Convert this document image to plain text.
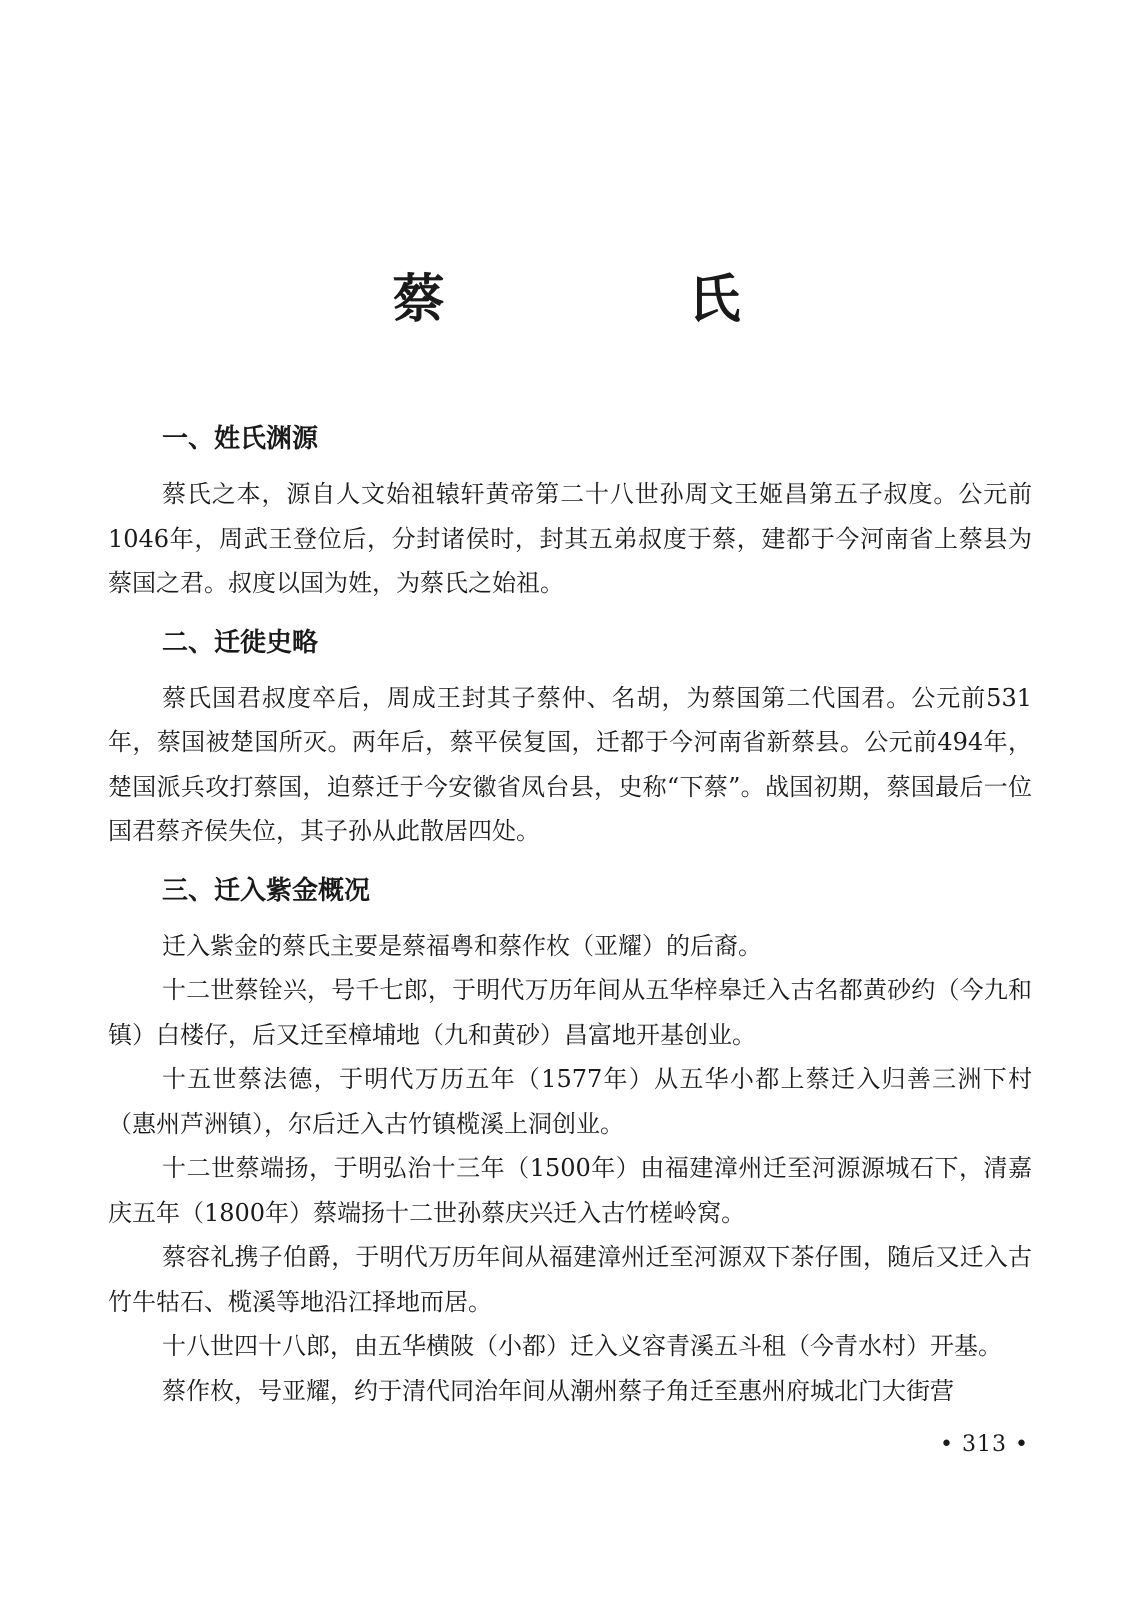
蔡　氏
一、姓氏渊源

蔡氏之本，源自人文始祖辕轩黄帝第二十八世孙周文王姬昌第五子叔度。公元前1046年，周武王登位后，分封诸侯时，封其五弟叔度于蔡，建都于今河南省上蔡县为蔡国之君。叔度以国为姓，为蔡氏之始祖。

二、迁徙史略

蔡氏国君叔度卒后，周成王封其子蔡仲、名胡，为蔡国第二代国君。公元前531年，蔡国被楚国所灭。两年后，蔡平侯复国，迁都于今河南省新蔡县。公元前494年，楚国派兵攻打蔡国，迫蔡迁于今安徽省凤台县，史称“下蔡”。战国初期，蔡国最后一位国君蔡齐侯失位，其子孙从此散居四处。

三、迁入紫金概况

迁入紫金的蔡氏主要是蔡福粤和蔡作枚（亚耀）的后裔。

十二世蔡铨兴，号千七郎，于明代万历年间从五华梓皋迁入古名都黄砂约（今九和镇）白楼仔，后又迁至樟埔地（九和黄砂）昌富地开基创业。

十五世蔡法德，于明代万历五年（1577年）从五华小都上蔡迁入归善三洲下村（惠州芦洲镇），尔后迁入古竹镇榄溪上洞创业。

十二世蔡端扬，于明弘治十三年（1500年）由福建漳州迁至河源源城石下，清嘉庆五年（1800年）蔡端扬十二世孙蔡庆兴迁入古竹槎岭窝。

蔡容礼携子伯爵，于明代万历年间从福建漳州迁至河源双下茶仔围，随后又迁入古竹牛牯石、榄溪等地沿江择地而居。

十八世四十八郎，由五华横陂（小都）迁入义容青溪五斗租（今青水村）开基。

蔡作枚，号亚耀，约于清代同治年间从潮州蔡子角迁至惠州府城北门大街营

• 313 •
